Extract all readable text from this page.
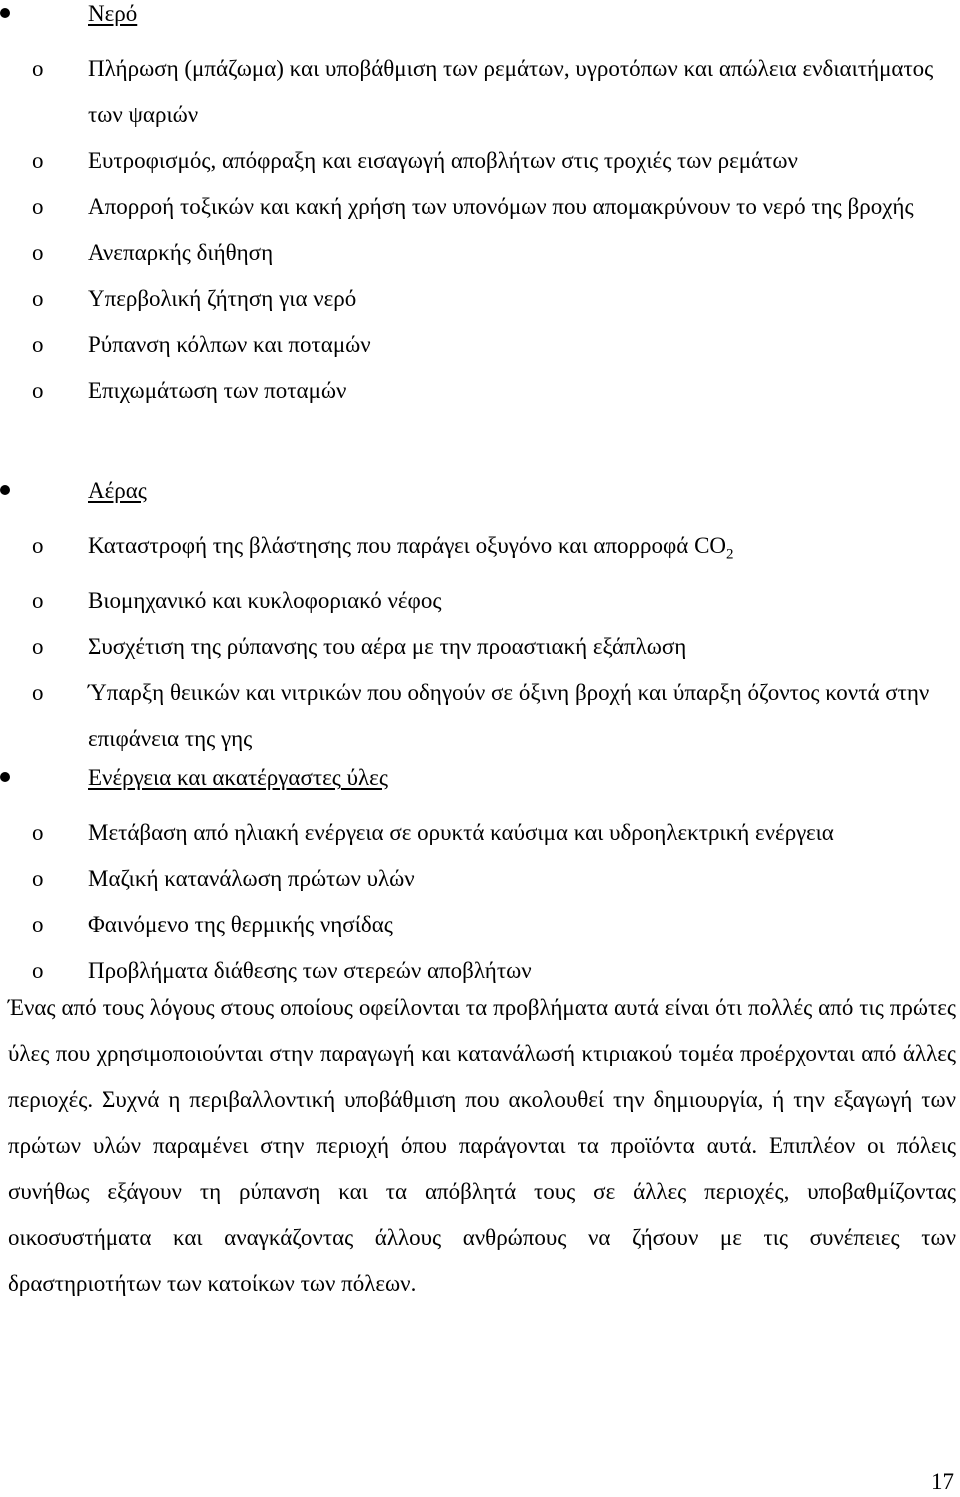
Νερό
o Πλήρωση (μπάζωμα) και υποβάθμιση των ρεμάτων, υγροτόπων και απώλεια ενδιαιτήματος των ψαριών
o Ευτροφισμός, απόφραξη και εισαγωγή αποβλήτων στις τροχιές των ρεμάτων
o Απορροή τοξικών και κακή χρήση των υπονόμων που απομακρύνουν το νερό της βροχής
o Ανεπαρκής διήθηση
o Υπερβολική ζήτηση για νερό
o Ρύπανση κόλπων και ποταμών
o Επιχωμάτωση των ποταμών
Αέρας
o Καταστροφή της βλάστησης που παράγει οξυγόνο και απορροφά $CO_2$
o Βιομηχανικό και κυκλοφοριακό νέφος
o Συσχέτιση της ρύπανσης του αέρα με την προαστιακή εξάπλωση
o Ύπαρξη θειικών και νιτρικών που οδηγούν σε όξινη βροχή και ύπαρξη όζοντος κοντά στην επιφάνεια της γης
Ενέργεια και ακατέργαστες ύλες
o Μετάβαση από ηλιακή ενέργεια σε ορυκτά καύσιμα και υδροηλεκτρική ενέργεια
o Μαζική κατανάλωση πρώτων υλών
o Φαινόμενο της θερμικής νησίδας
o Προβλήματα διάθεσης των στερεών αποβλήτων
Ένας από τους λόγους στους οποίους οφείλονται τα προβλήματα αυτά είναι ότι πολλές από τις πρώτες ύλες που χρησιμοποιούνται στην παραγωγή και κατανάλωσή κτιριακού τομέα προέρχονται από άλλες περιοχές. Συχνά η περιβαλλοντική υποβάθμιση που ακολουθεί την δημιουργία, ή την εξαγωγή των πρώτων υλών παραμένει στην περιοχή όπου παράγονται τα προϊόντα αυτά. Επιπλέον οι πόλεις συνήθως εξάγουν τη ρύπανση και τα απόβλητά τους σε άλλες περιοχές, υποβαθμίζοντας οικοσυστήματα και αναγκάζοντας άλλους ανθρώπους να ζήσουν με τις συνέπειες των δραστηριοτήτων των κατοίκων των πόλεων.
17
